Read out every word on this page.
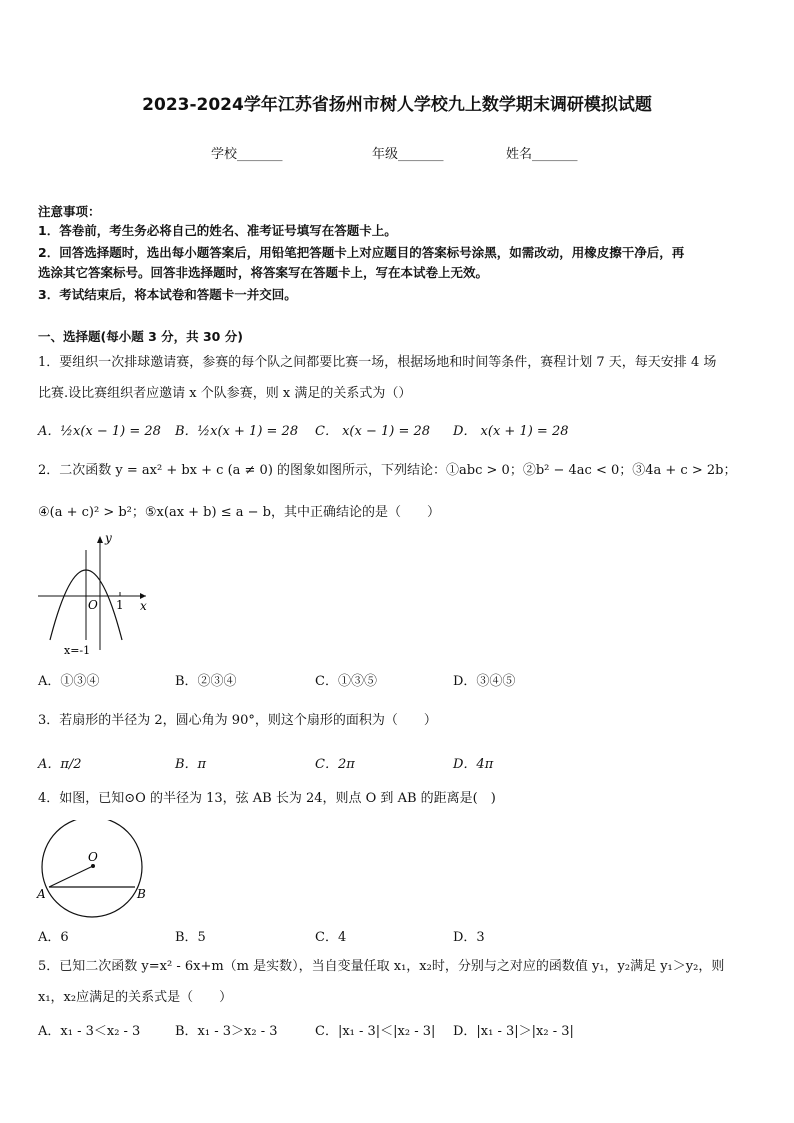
2023-2024学年江苏省扬州市树人学校九上数学期末调研模拟试题
学校_______	年级_______	姓名_______
注意事项：
1．答卷前，考生务必将自己的姓名、准考证号填写在答题卡上。
2．回答选择题时，选出每小题答案后，用铅笔把答题卡上对应题目的答案标号涂黑，如需改动，用橡皮擦干净后，再
选涂其它答案标号。回答非选择题时，将答案写在答题卡上，写在本试卷上无效。
3．考试结束后，将本试卷和答题卡一并交回。
一、选择题(每小题 3 分，共 30 分)
1．要组织一次排球邀请赛，参赛的每个队之间都要比赛一场，根据场地和时间等条件，赛程计划 7 天，每天安排 4 场
比赛.设比赛组织者应邀请 x 个队参赛，则 x 满足的关系式为（）
A．½x(x − 1) = 28 B．½x(x + 1) = 28 C． x(x − 1) = 28 D． x(x + 1) = 28
2．二次函数 y = ax² + bx + c (a ≠ 0) 的图象如图所示，下列结论：①abc > 0；②b² − 4ac < 0；③4a + c > 2b；
④(a + c)² > b²；⑤x(ax + b) ≤ a − b，其中正确结论的是（　　）
y
x
O 1
x=-1
A．①③④	B．②③④	C．①③⑤	D．③④⑤
3．若扇形的半径为 2，圆心角为 90°，则这个扇形的面积为（　　）
A．π/2	B．π	C．2π	D．4π
4．如图，已知⊙O 的半径为 13，弦 AB 长为 24，则点 O 到 AB 的距离是(　)
O
A	B
A．6	B．5	C．4	D．3
5．已知二次函数 y=x² - 6x+m（m 是实数），当自变量任取 x₁，x₂时，分别与之对应的函数值 y₁，y₂满足 y₁＞y₂，则
x₁，x₂应满足的关系式是（　　）
A．x₁ - 3＜x₂ - 3	B．x₁ - 3＞x₂ - 3	C．|x₁ - 3|＜|x₂ - 3| D．|x₁ - 3|＞|x₂ - 3|
